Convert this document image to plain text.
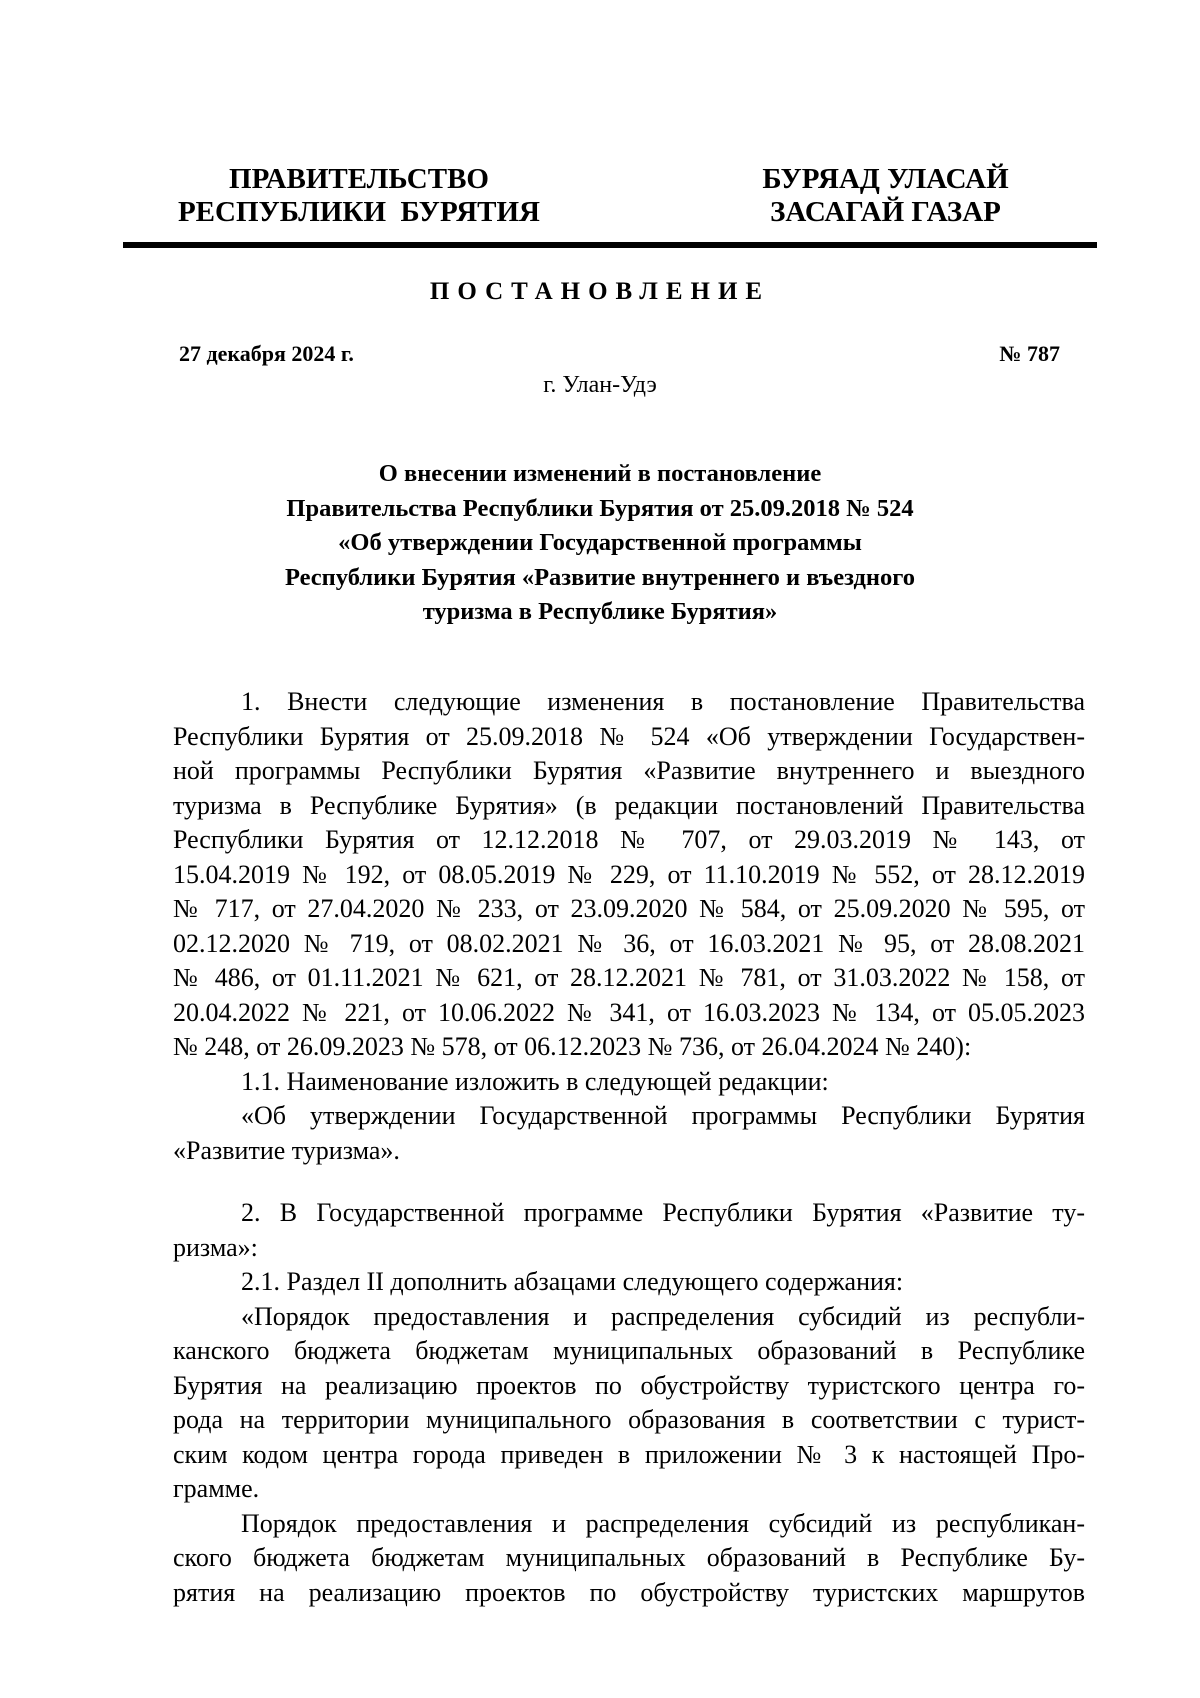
ПРАВИТЕЛЬСТВО
РЕСПУБЛИКИ  БУРЯТИЯ
БУРЯАД УЛАСАЙ
ЗАСАГАЙ ГАЗАР
ПОСТАНОВЛЕНИЕ
27 декабря 2024 г.	№ 787
г. Улан-Удэ
О внесении изменений в постановление
Правительства Республики Бурятия от 25.09.2018 № 524
«Об утверждении Государственной программы
Республики Бурятия «Развитие внутреннего и въездного
туризма в Республике Бурятия»
1. Внести следующие изменения в постановление Правительства
Республики Бурятия от 25.09.2018 № 524 «Об утверждении Государствен-
ной программы Республики Бурятия «Развитие внутреннего и выездного
туризма в Республике Бурятия» (в редакции постановлений Правительства
Республики Бурятия от 12.12.2018 № 707, от 29.03.2019 № 143, от
15.04.2019 № 192, от 08.05.2019 № 229, от 11.10.2019 № 552, от 28.12.2019
№ 717, от 27.04.2020 № 233, от 23.09.2020 № 584, от 25.09.2020 № 595, от
02.12.2020 № 719, от 08.02.2021 № 36, от 16.03.2021 № 95, от 28.08.2021
№ 486, от 01.11.2021 № 621, от 28.12.2021 № 781, от 31.03.2022 № 158, от
20.04.2022 № 221, от 10.06.2022 № 341, от 16.03.2023 № 134, от 05.05.2023
№ 248, от 26.09.2023 № 578, от 06.12.2023 № 736, от 26.04.2024 № 240):
1.1. Наименование изложить в следующей редакции:
«Об утверждении Государственной программы Республики Бурятия
«Развитие туризма».
2. В Государственной программе Республики Бурятия «Развитие ту-
ризма»:
2.1. Раздел II дополнить абзацами следующего содержания:
«Порядок предоставления и распределения субсидий из республи-
канского бюджета бюджетам муниципальных образований в Республике
Бурятия на реализацию проектов по обустройству туристского центра го-
рода на территории муниципального образования в соответствии с турист-
ским кодом центра города приведен в приложении № 3 к настоящей Про-
грамме.
Порядок предоставления и распределения субсидий из республикан-
ского бюджета бюджетам муниципальных образований в Республике Бу-
рятия на реализацию проектов по обустройству туристских маршрутов
